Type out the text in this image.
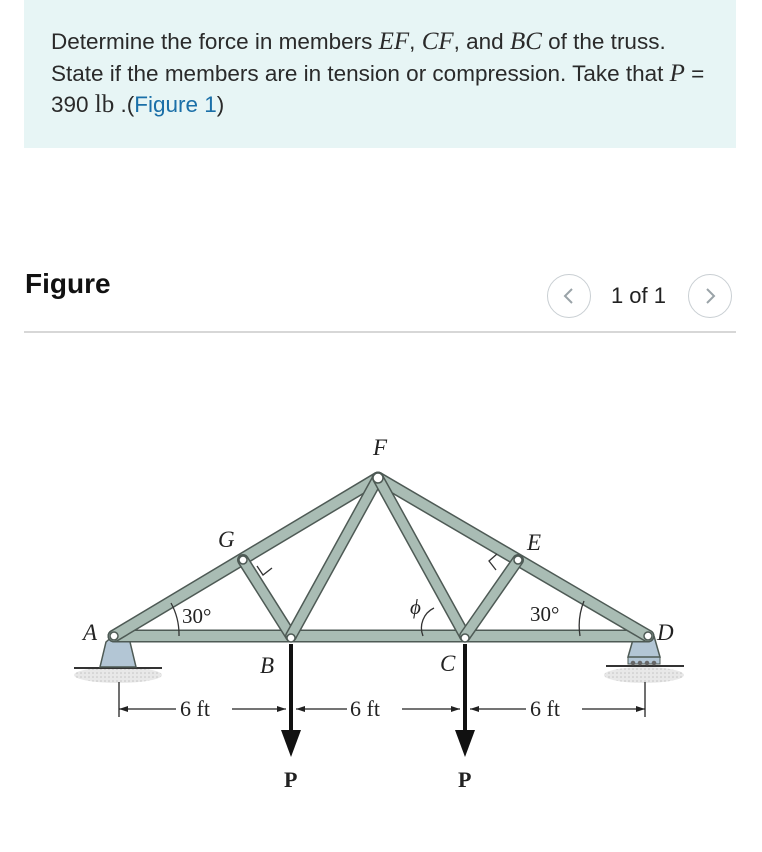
Determine the force in members EF, CF, and BC of the truss. State if the members are in tension or compression. Take that P = 390 lb .(Figure 1)

Figure	1 of 1
F
G	E
A	D
B	C
30°	30°
ϕ
6 ft	6 ft	6 ft
P	P
